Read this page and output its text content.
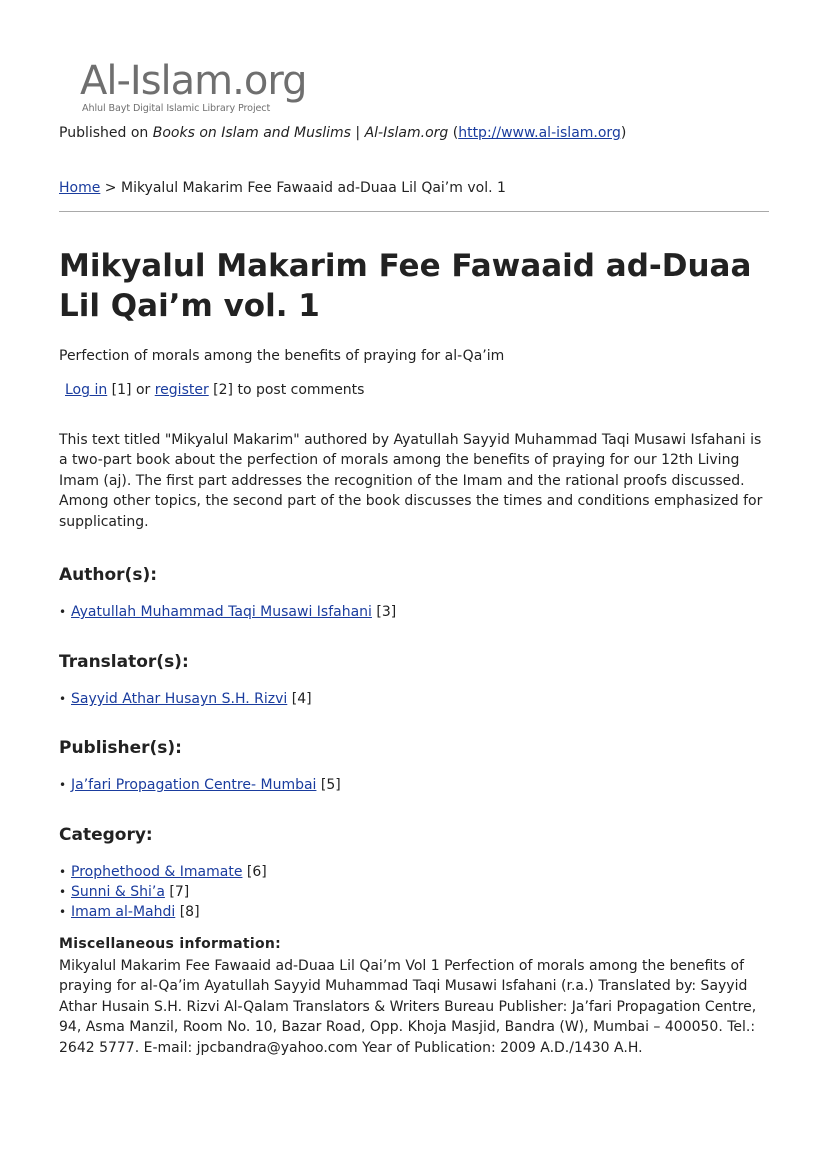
Al-Islam.org
Ahlul Bayt Digital Islamic Library Project
Published on Books on Islam and Muslims | Al-Islam.org (http://www.al-islam.org)
Home > Mikyalul Makarim Fee Fawaaid ad-Duaa Lil Qai’m vol. 1
Mikyalul Makarim Fee Fawaaid ad-Duaa Lil Qai’m vol. 1
Perfection of morals among the benefits of praying for al-Qa’im
Log in [1] or register [2] to post comments
This text titled "Mikyalul Makarim" authored by Ayatullah Sayyid Muhammad Taqi Musawi Isfahani is a two-part book about the perfection of morals among the benefits of praying for our 12th Living Imam (aj). The first part addresses the recognition of the Imam and the rational proofs discussed. Among other topics, the second part of the book discusses the times and conditions emphasized for supplicating.
Author(s):
• Ayatullah Muhammad Taqi Musawi Isfahani [3]
Translator(s):
• Sayyid Athar Husayn S.H. Rizvi [4]
Publisher(s):
• Ja’fari Propagation Centre- Mumbai [5]
Category:
• Prophethood & Imamate [6]
• Sunni & Shi’a [7]
• Imam al-Mahdi [8]
Miscellaneous information:
Mikyalul Makarim Fee Fawaaid ad-Duaa Lil Qai’m Vol 1 Perfection of morals among the benefits of praying for al-Qa’im Ayatullah Sayyid Muhammad Taqi Musawi Isfahani (r.a.) Translated by: Sayyid Athar Husain S.H. Rizvi Al-Qalam Translators & Writers Bureau Publisher: Ja’fari Propagation Centre, 94, Asma Manzil, Room No. 10, Bazar Road, Opp. Khoja Masjid, Bandra (W), Mumbai – 400050. Tel.: 2642 5777. E-mail: jpcbandra@yahoo.com Year of Publication: 2009 A.D./1430 A.H.
